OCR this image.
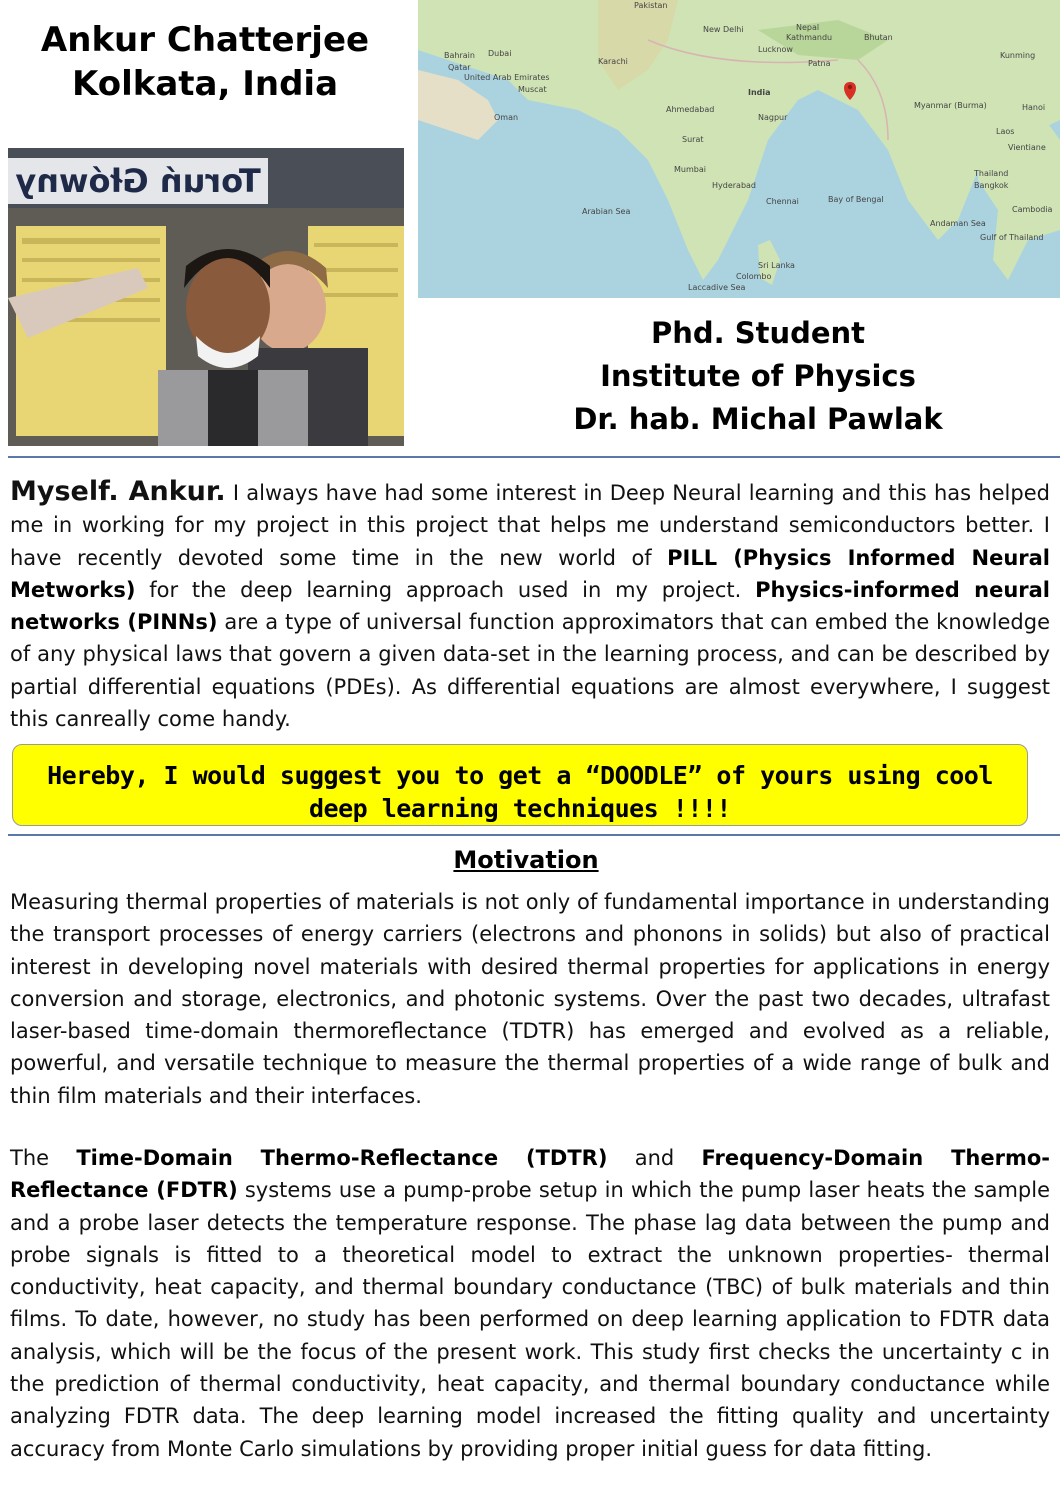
Ankur Chatterjee
Kolkata, India
Toruń Główny
Pakistan
New Delhi	Nepal
Kathmandu	Bhutan
Lucknow
Patna
India
Karachi
Bahrain Dubai
Qatar
United Arab Emirates
Muscat
Oman
Ahmedabad
Surat
Mumbai
Nagpur
Hyderabad
Chennai	Bay of Bengal
Arabian Sea
Sri Lanka
Colombo
Laccadive Sea
Myanmar (Burma)	Hanoi
Laos
Thailand
Bangkok
Cambodia
Vientiane
Gulf of Thailand
Andaman Sea
Kunming
Phd. Student
Institute of Physics
Dr. hab. Michal Pawlak
Myself. Ankur. I always have had some interest in Deep Neural learning and this has helped me in working for my project in this project that helps me understand semiconductors better. I have recently devoted some time in the new world of PILL (Physics Informed Neural Metworks) for the deep learning approach used in my project. Physics-informed neural networks (PINNs) are a type of universal function approximators that can embed the knowledge of any physical laws that govern a given data-set in the learning process, and can be described by partial differential equations (PDEs). As differential equations are almost everywhere, I suggest this canreally come handy.
Hereby, I would suggest you to get a “DOODLE” of yours using cool deep learning techniques !!!!
Motivation
Measuring thermal properties of materials is not only of fundamental importance in understanding the transport processes of energy carriers (electrons and phonons in solids) but also of practical interest in developing novel materials with desired thermal properties for applications in energy conversion and storage, electronics, and photonic systems. Over the past two decades, ultrafast laser-based time-domain thermoreflectance (TDTR) has emerged and evolved as a reliable, powerful, and versatile technique to measure the thermal properties of a wide range of bulk and thin film materials and their interfaces.
The Time-Domain Thermo-Reflectance (TDTR) and Frequency-Domain Thermo-Reflectance (FDTR) systems use a pump-probe setup in which the pump laser heats the sample and a probe laser detects the temperature response. The phase lag data between the pump and probe signals is fitted to a theoretical model to extract the unknown properties- thermal conductivity, heat capacity, and thermal boundary conductance (TBC) of bulk materials and thin films. To date, however, no study has been performed on deep learning application to FDTR data analysis, which will be the focus of the present work. This study first checks the uncertainty c in the prediction of thermal conductivity, heat capacity, and thermal boundary conductance while analyzing FDTR data. The deep learning model increased the fitting quality and uncertainty accuracy from Monte Carlo simulations by providing proper initial guess for data fitting.
